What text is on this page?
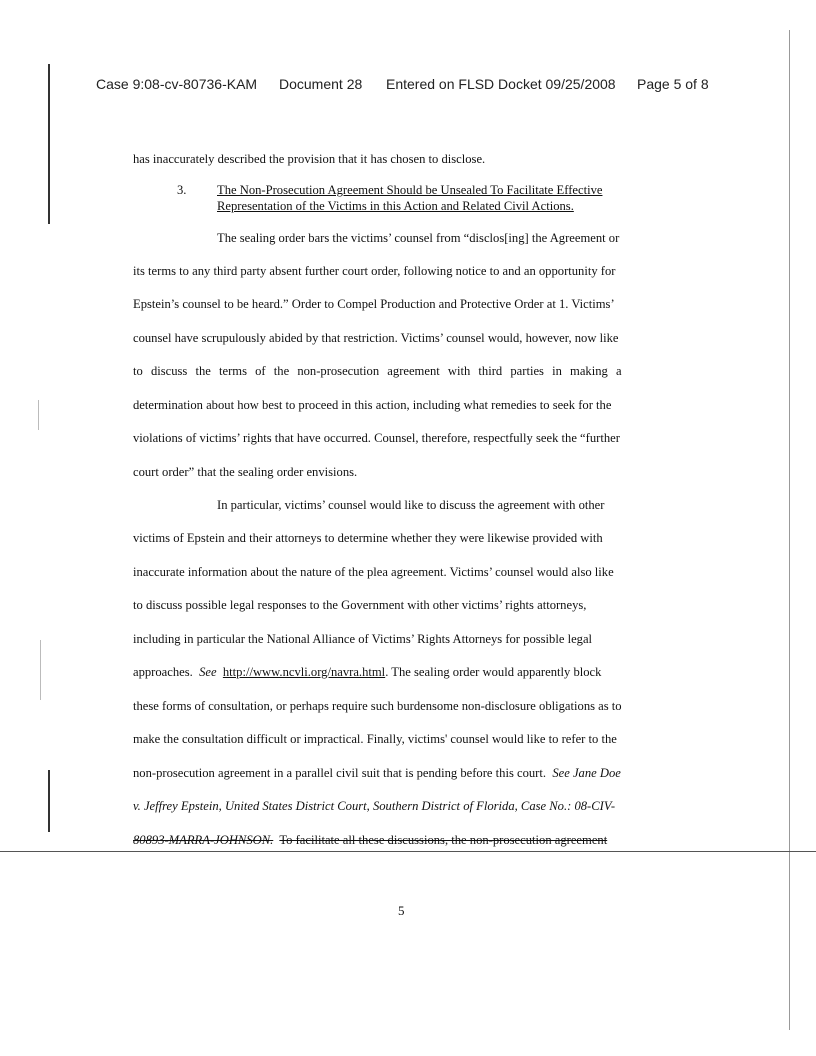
Case 9:08-cv-80736-KAM Document 28 Entered on FLSD Docket 09/25/2008 Page 5 of 8
has inaccurately described the provision that it has chosen to disclose.
3. The Non-Prosecution Agreement Should be Unsealed To Facilitate Effective
Representation of the Victims in this Action and Related Civil Actions.
The sealing order bars the victims’ counsel from “disclos[ing] the Agreement or
its terms to any third party absent further court order, following notice to and an opportunity for
Epstein’s counsel to be heard.” Order to Compel Production and Protective Order at 1. Victims’
counsel have scrupulously abided by that restriction. Victims’ counsel would, however, now like
to discuss the terms of the non-prosecution agreement with third parties in making a
determination about how best to proceed in this action, including what remedies to seek for the
violations of victims’ rights that have occurred. Counsel, therefore, respectfully seek the “further
court order” that the sealing order envisions.
In particular, victims’ counsel would like to discuss the agreement with other
victims of Epstein and their attorneys to determine whether they were likewise provided with
inaccurate information about the nature of the plea agreement. Victims’ counsel would also like
to discuss possible legal responses to the Government with other victims’ rights attorneys,
including in particular the National Alliance of Victims’ Rights Attorneys for possible legal
approaches. See http://www.ncvli.org/navra.html. The sealing order would apparently block
these forms of consultation, or perhaps require such burdensome non-disclosure obligations as to
make the consultation difficult or impractical. Finally, victims' counsel would like to refer to the
non-prosecution agreement in a parallel civil suit that is pending before this court. See Jane Doe
v. Jeffrey Epstein, United States District Court, Southern District of Florida, Case No.: 08-CIV-
80893-MARRA-JOHNSON. To facilitate all these discussions, the non-prosecution agreement
5
